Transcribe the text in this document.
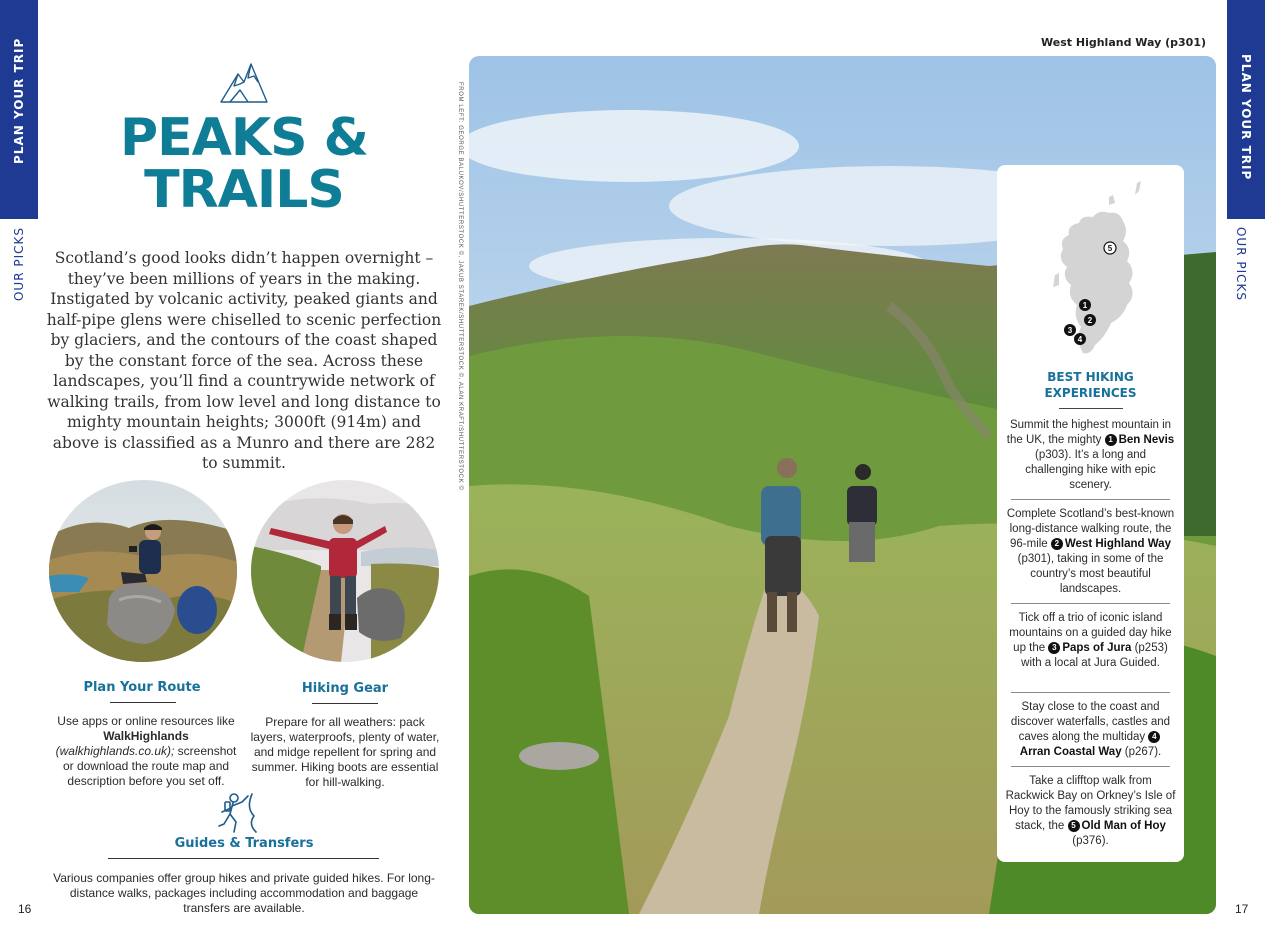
PLAN YOUR TRIP
OUR PICKS
16
PEAKS &
TRAILS

Scotland’s good looks didn’t happen overnight – they’ve been millions of years in the making. Instigated by volcanic activity, peaked giants and half-pipe glens were chiselled to scenic perfection by glaciers, and the contours of the coast shaped by the constant force of the sea. Across these landscapes, you’ll find a countrywide network of walking trails, from low level and long distance to mighty mountain heights; 3000ft (914m) and above is classified as a Munro and there are 282 to summit.

Plan Your Route

Use apps or online resources like WalkHighlands (walkhighlands.co.uk); screenshot or download the route map and description before you set off.

Hiking Gear

Prepare for all weathers: pack layers, waterproofs, plenty of water, and midge repellent for spring and summer. Hiking boots are essential for hill-walking.

Guides & Transfers

Various companies offer group hikes and private guided hikes. For long-distance walks, packages including accommodation and baggage transfers are available.

FROM LEFT: GEORGE BALUKOV/SHUTTERSTOCK ©, JAKUB STAREK/SHUTTERSTOCK ©, ALAN KRAFT/SHUTTERSTOCK ©
West Highland Way (p301)
PLAN YOUR TRIP
OUR PICKS
17
5
1
2
3
4
BEST HIKING
EXPERIENCES

Summit the highest mountain in the UK, the mighty 1 Ben Nevis (p303). It’s a long and challenging hike with epic scenery.

Complete Scotland’s best-known long-distance walking route, the 96-mile 2 West Highland Way (p301), taking in some of the country’s most beautiful landscapes.

Tick off a trio of iconic island mountains on a guided day hike up the 3 Paps of Jura (p253) with a local at Jura Guided.

Stay close to the coast and discover waterfalls, castles and caves along the multiday 4Arran Coastal Way (p267).

Take a clifftop walk from Rackwick Bay on Orkney’s Isle of Hoy to the famously striking sea stack, the 5 Old Man of Hoy (p376).
